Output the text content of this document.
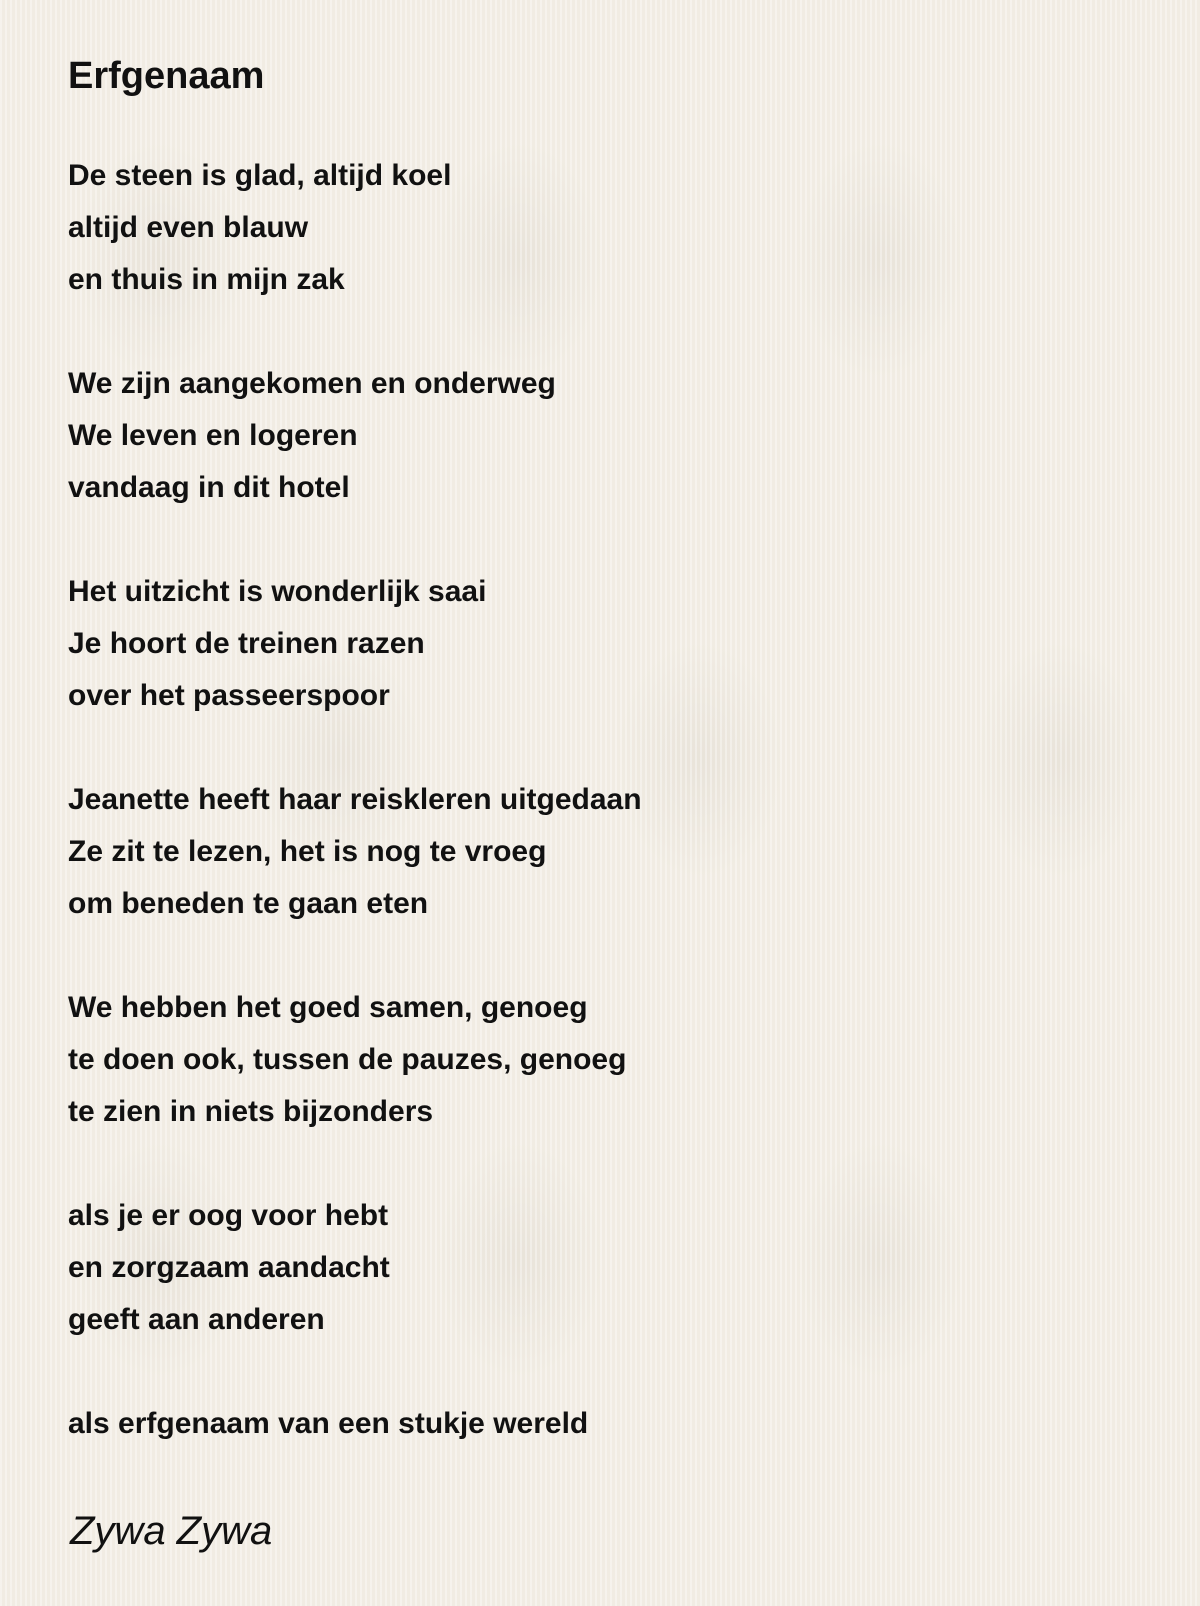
Erfgenaam
De steen is glad, altijd koel
altijd even blauw
en thuis in mijn zak
We zijn aangekomen en onderweg
We leven en logeren
vandaag in dit hotel
Het uitzicht is wonderlijk saai
Je hoort de treinen razen
over het passeerspoor
Jeanette heeft haar reiskleren uitgedaan
Ze zit te lezen, het is nog te vroeg
om beneden te gaan eten
We hebben het goed samen, genoeg
te doen ook, tussen de pauzes, genoeg
te zien in niets bijzonders
als je er oog voor hebt
en zorgzaam aandacht
geeft aan anderen
als erfgenaam van een stukje wereld

Zywa Zywa
